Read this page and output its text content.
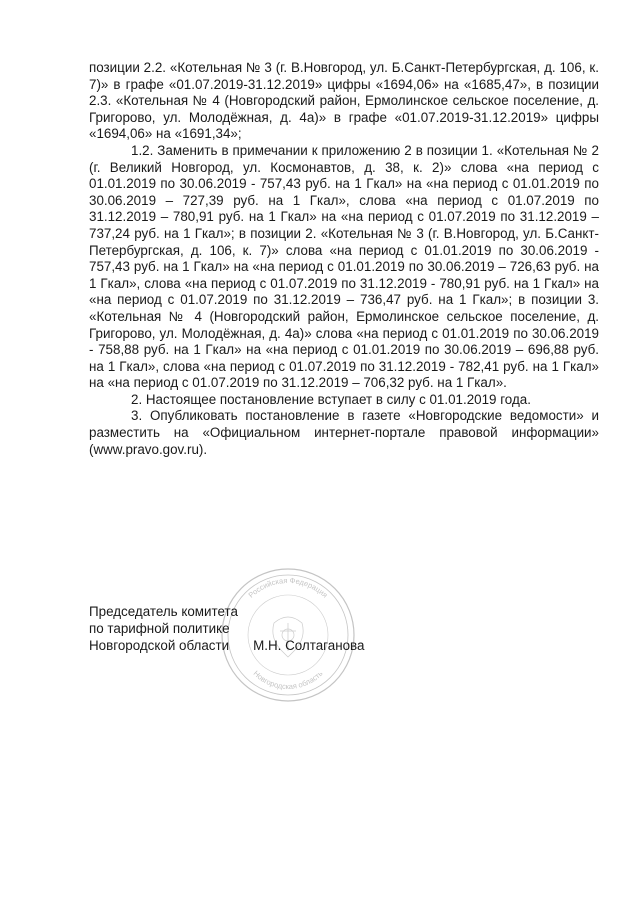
позиции 2.2. «Котельная № 3 (г. В.Новгород, ул. Б.Санкт-Петербургская, д. 106, к. 7)» в графе «01.07.2019-31.12.2019» цифры «1694,06» на «1685,47», в позиции 2.3. «Котельная № 4 (Новгородский район, Ермолинское сельское поселение, д. Григорово, ул. Молодёжная, д. 4а)» в графе «01.07.2019-31.12.2019» цифры «1694,06» на «1691,34»;

1.2. Заменить в примечании к приложению 2 в позиции 1. «Котельная № 2 (г. Великий Новгород, ул. Космонавтов, д. 38, к. 2)» слова «на период с 01.01.2019 по 30.06.2019 - 757,43 руб. на 1 Гкал» на «на период с 01.01.2019 по 30.06.2019 – 727,39 руб. на 1 Гкал», слова «на период с 01.07.2019 по 31.12.2019 – 780,91 руб. на 1 Гкал» на «на период с 01.07.2019 по 31.12.2019 – 737,24 руб. на 1 Гкал»; в позиции 2. «Котельная № 3 (г. В.Новгород, ул. Б.Санкт-Петербургская, д. 106, к. 7)» слова «на период с 01.01.2019 по 30.06.2019 - 757,43 руб. на 1 Гкал» на «на период с 01.01.2019 по 30.06.2019 – 726,63 руб. на 1 Гкал», слова «на период с 01.07.2019 по 31.12.2019 - 780,91 руб. на 1 Гкал» на «на период с 01.07.2019 по 31.12.2019 – 736,47 руб. на 1 Гкал»; в позиции 3. «Котельная № 4 (Новгородский район, Ермолинское сельское поселение, д. Григорово, ул. Молодёжная, д. 4а)» слова «на период с 01.01.2019 по 30.06.2019 - 758,88 руб. на 1 Гкал» на «на период с 01.01.2019 по 30.06.2019 – 696,88 руб. на 1 Гкал», слова «на период с 01.07.2019 по 31.12.2019 - 782,41 руб. на 1 Гкал» на «на период с 01.07.2019 по 31.12.2019 – 706,32 руб. на 1 Гкал».

2. Настоящее постановление вступает в силу с 01.01.2019 года.

3. Опубликовать постановление в газете «Новгородские ведомости» и разместить на «Официальном интернет-портале правовой информации» (www.pravo.gov.ru).

Российская Федерация
Новгородская область
Председатель комитета
по тарифной политике
Новгородской области М.Н. Солтаганова
